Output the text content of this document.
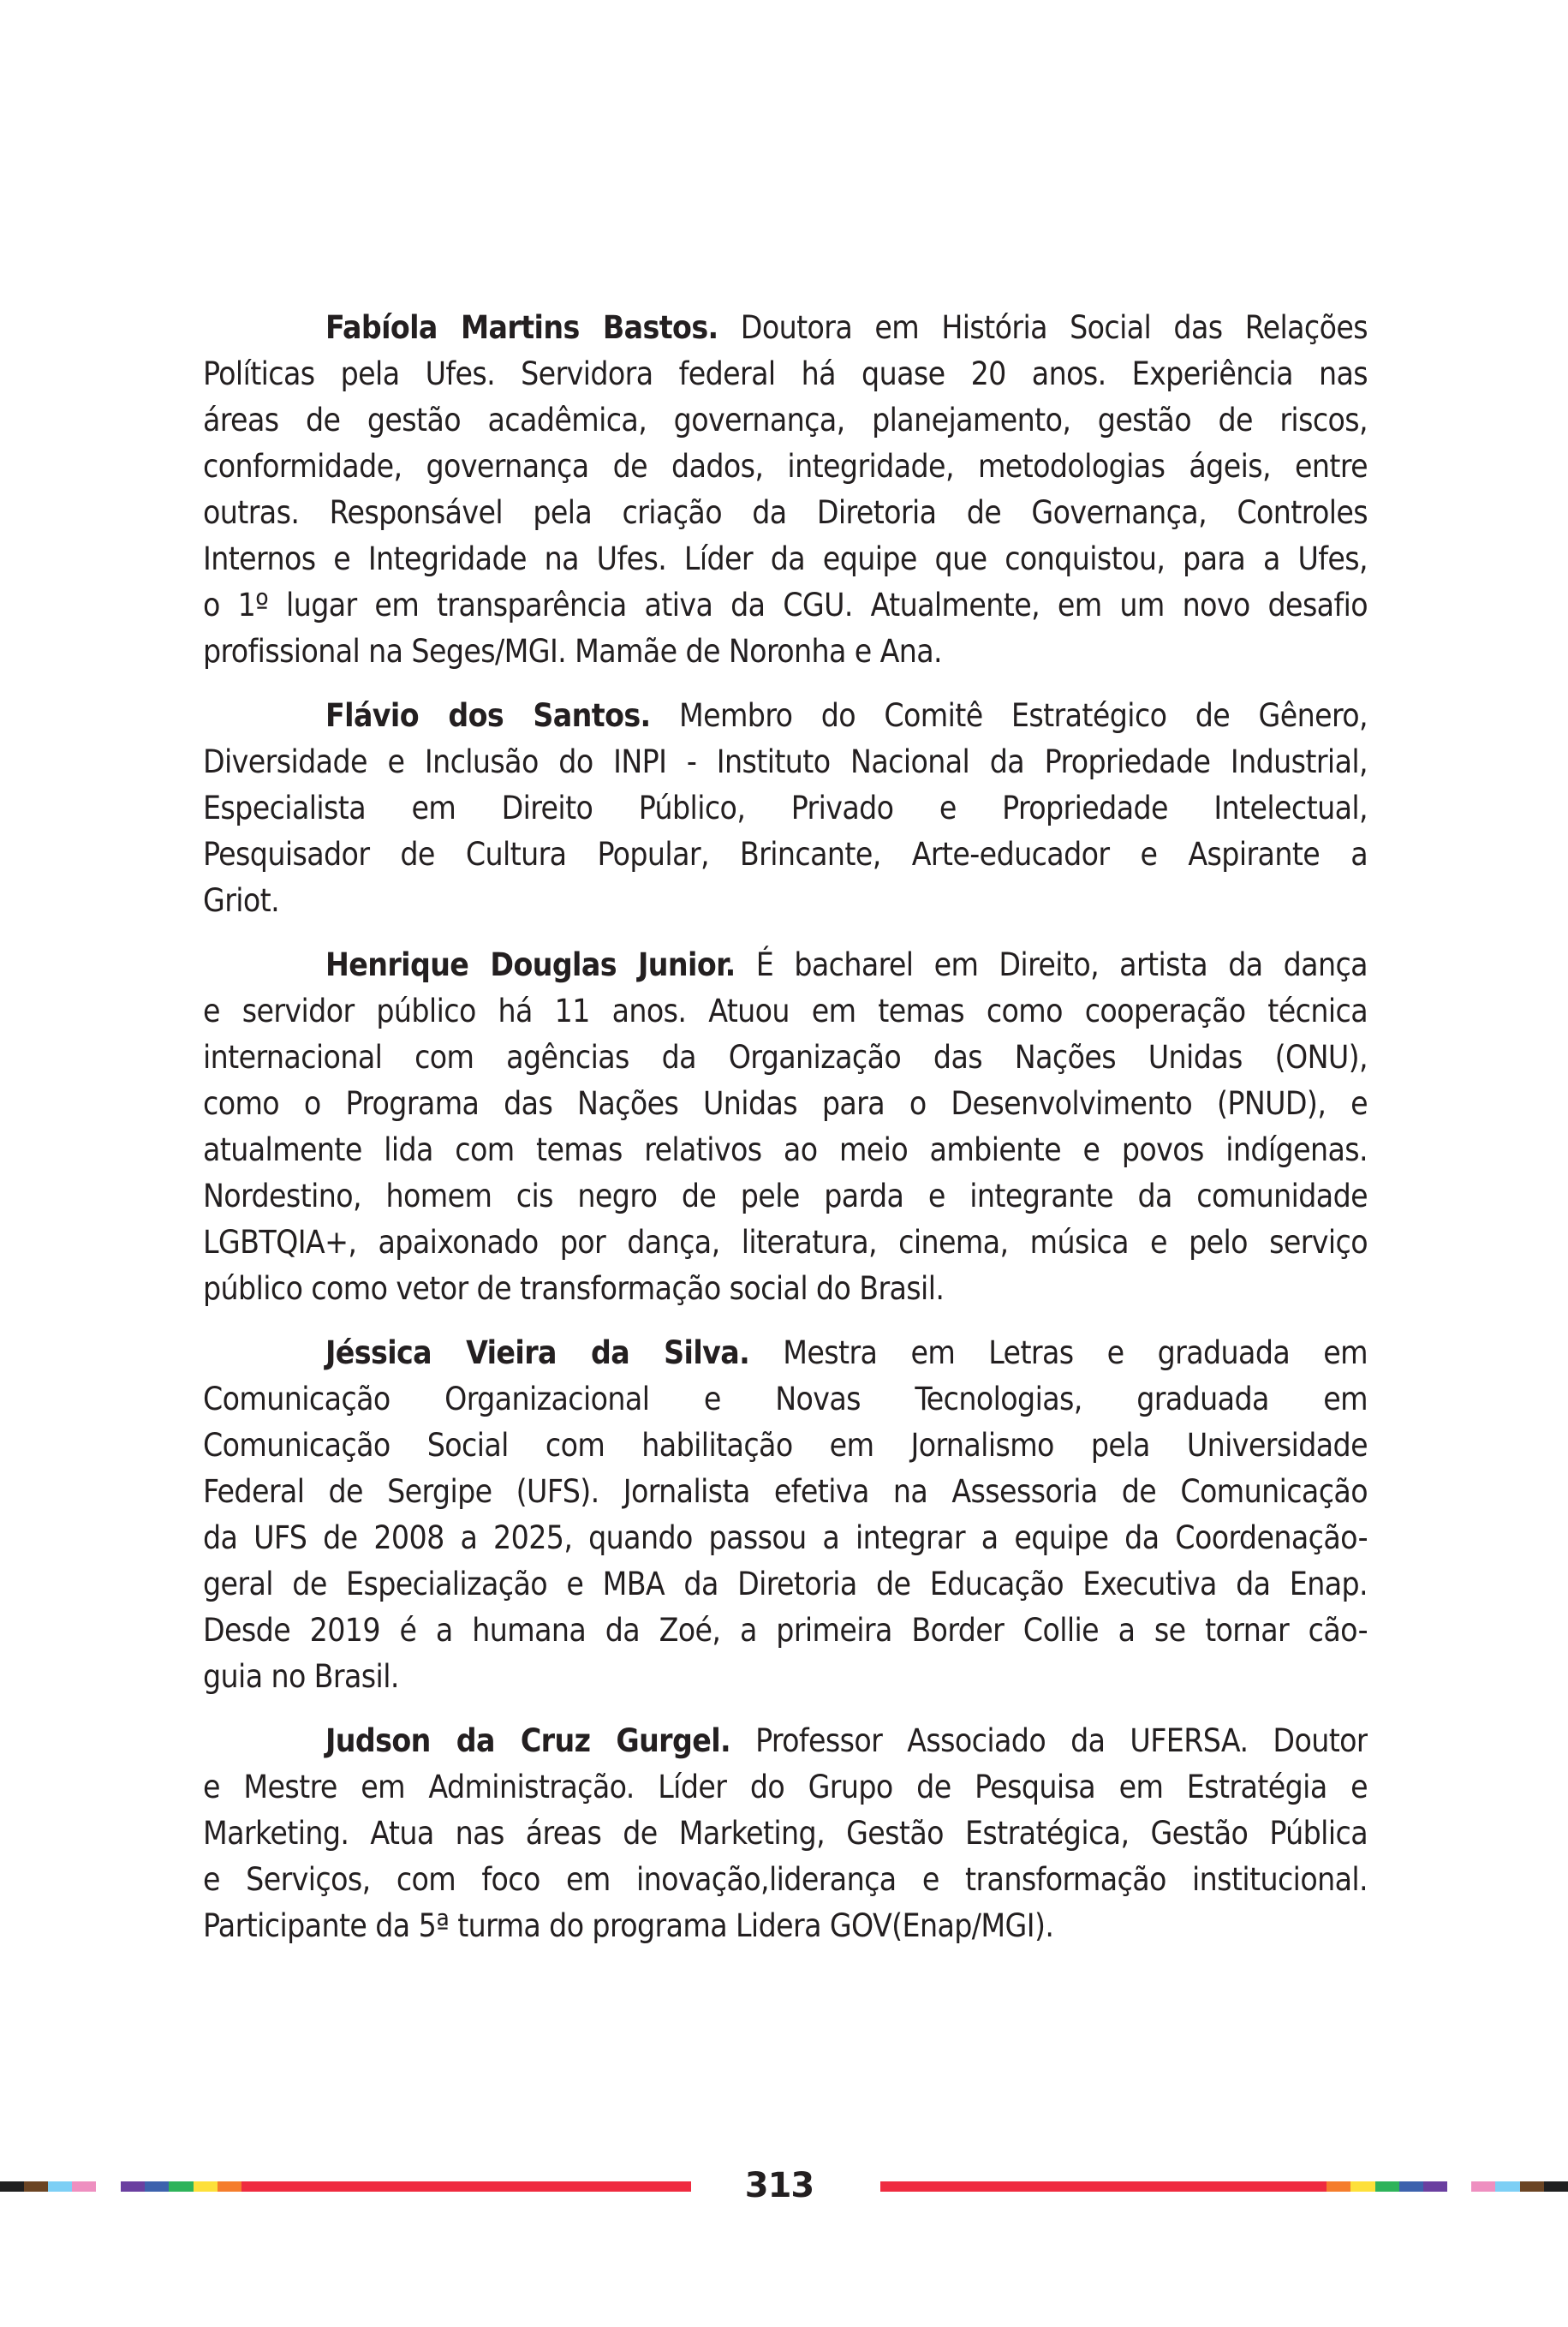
Fabíola Martins Bastos. Doutora em História Social das Relações
Políticas pela Ufes. Servidora federal há quase 20 anos. Experiência nas
áreas de gestão acadêmica, governança, planejamento, gestão de riscos,
conformidade, governança de dados, integridade, metodologias ágeis, entre
outras. Responsável pela criação da Diretoria de Governança, Controles
Internos e Integridade na Ufes. Líder da equipe que conquistou, para a Ufes,
o 1º lugar em transparência ativa da CGU. Atualmente, em um novo desafio
profissional na Seges/MGI. Mamãe de Noronha e Ana.
Flávio dos Santos. Membro do Comitê Estratégico de Gênero,
Diversidade e Inclusão do INPI - Instituto Nacional da Propriedade Industrial,
Especialista em Direito Público, Privado e Propriedade Intelectual,
Pesquisador de Cultura Popular, Brincante, Arte-educador e Aspirante a
Griot.
Henrique Douglas Junior. É bacharel em Direito, artista da dança
e servidor público há 11 anos. Atuou em temas como cooperação técnica
internacional com agências da Organização das Nações Unidas (ONU),
como o Programa das Nações Unidas para o Desenvolvimento (PNUD), e
atualmente lida com temas relativos ao meio ambiente e povos indígenas.
Nordestino, homem cis negro de pele parda e integrante da comunidade
LGBTQIA+, apaixonado por dança, literatura, cinema, música e pelo serviço
público como vetor de transformação social do Brasil.
Jéssica Vieira da Silva. Mestra em Letras e graduada em
Comunicação Organizacional e Novas Tecnologias, graduada em
Comunicação Social com habilitação em Jornalismo pela Universidade
Federal de Sergipe (UFS). Jornalista efetiva na Assessoria de Comunicação
da UFS de 2008 a 2025, quando passou a integrar a equipe da Coordenação-
geral de Especialização e MBA da Diretoria de Educação Executiva da Enap.
Desde 2019 é a humana da Zoé, a primeira Border Collie a se tornar cão-
guia no Brasil.
Judson da Cruz Gurgel. Professor Associado da UFERSA. Doutor
e Mestre em Administração. Líder do Grupo de Pesquisa em Estratégia e
Marketing. Atua nas áreas de Marketing, Gestão Estratégica, Gestão Pública
e Serviços, com foco em inovação,liderança e transformação institucional.
Participante da 5ª turma do programa Lidera GOV(Enap/MGI).
313
